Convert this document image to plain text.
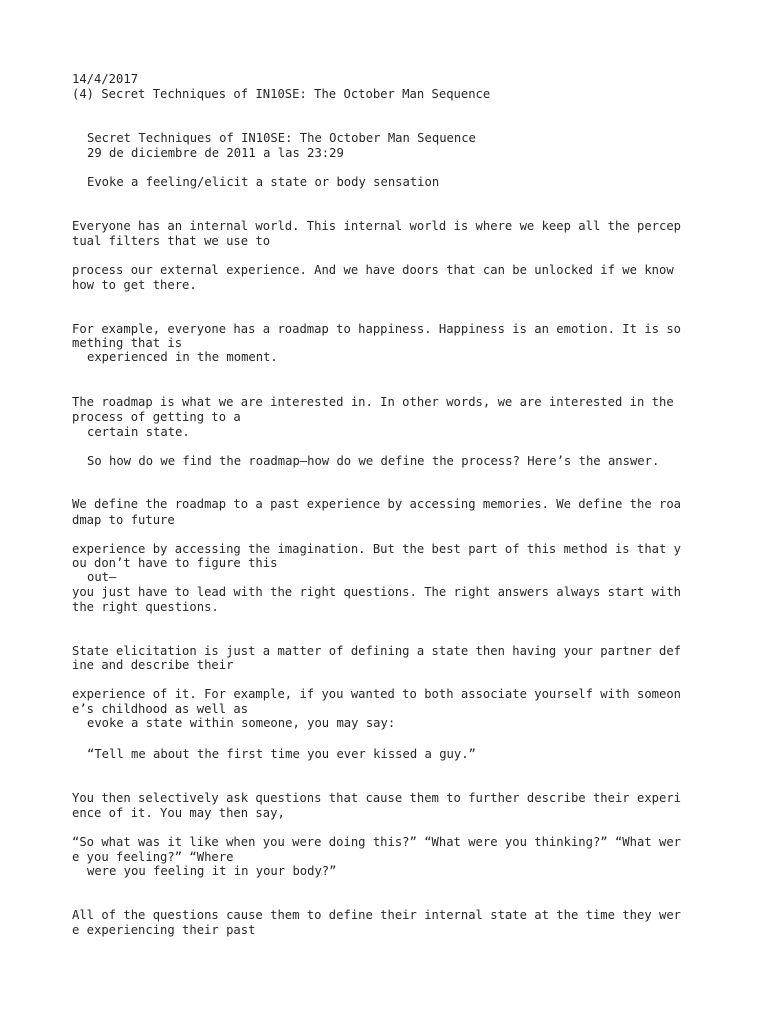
14/4/2017

(4) Secret Techniques of IN10SE: The October Man Sequence

Secret Techniques of IN10SE: The October Man Sequence

29 de diciembre de 2011 a las 23:29

Evoke a feeling/elicit a state or body sensation

Everyone has an internal world. This internal world is where we keep all the percep

tual filters that we use to

process our external experience. And we have doors that can be unlocked if we know

how to get there.

For example, everyone has a roadmap to happiness. Happiness is an emotion. It is so

mething that is

experienced in the moment.

The roadmap is what we are interested in. In other words, we are interested in the

process of getting to a

certain state.

So how do we find the roadmap—how do we define the process? Here’s the answer.

We define the roadmap to a past experience by accessing memories. We define the roa

dmap to future

experience by accessing the imagination. But the best part of this method is that y

ou don’t have to figure this

out—

you just have to lead with the right questions. The right answers always start with

the right questions.

State elicitation is just a matter of defining a state then having your partner def

ine and describe their

experience of it. For example, if you wanted to both associate yourself with someon

e’s childhood as well as

evoke a state within someone, you may say:

“Tell me about the first time you ever kissed a guy.”

You then selectively ask questions that cause them to further describe their experi

ence of it. You may then say,

“So what was it like when you were doing this?” “What were you thinking?” “What wer

e you feeling?” “Where

were you feeling it in your body?”

All of the questions cause them to define their internal state at the time they wer

e experiencing their past
